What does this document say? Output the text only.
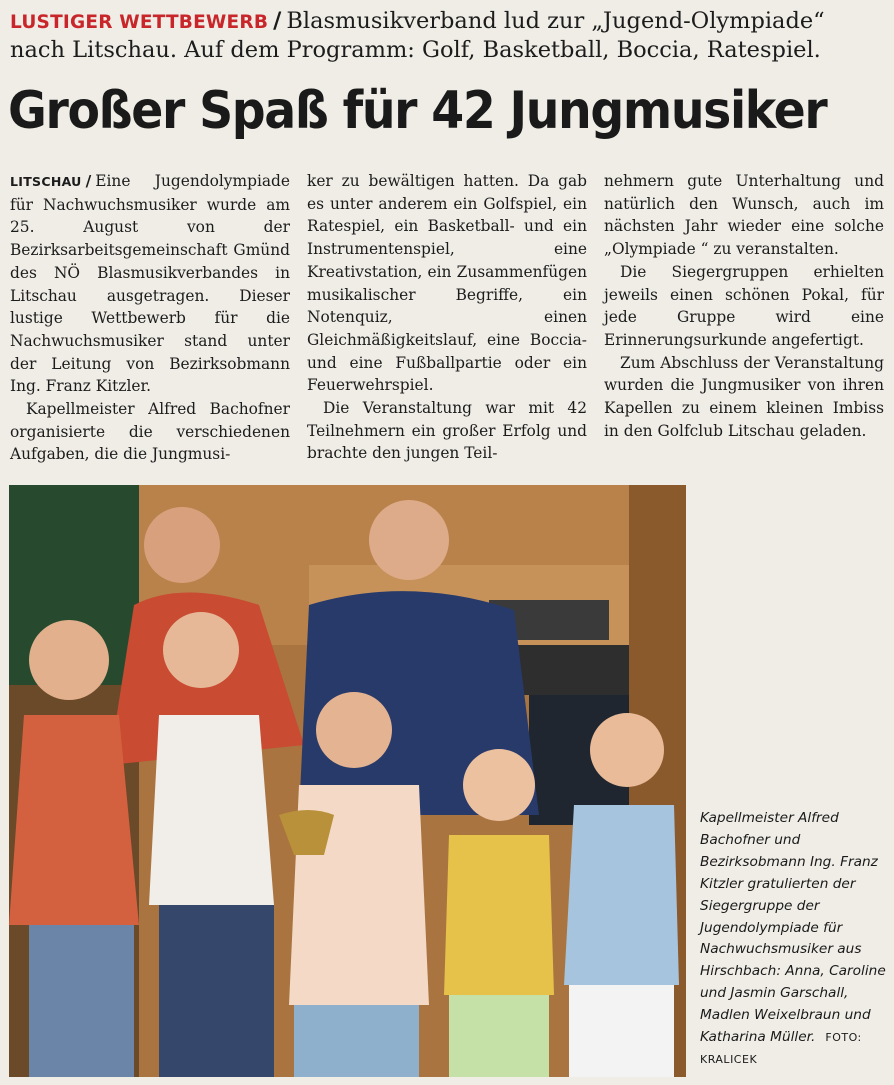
LUSTIGER WETTBEWERB / Blasmusikverband lud zur „Jugend-Olympiade“
nach Litschau. Auf dem Programm: Golf, Basketball, Boccia, Ratespiel.
Großer Spaß für 42 Jungmusiker

LITSCHAU / Eine Jugendolympiade für Nachwuchsmusiker wurde am 25. August von der Bezirksarbeitsgemeinschaft Gmünd des NÖ Blasmusikverbandes in Litschau ausgetragen. Dieser lustige Wettbewerb für die Nachwuchsmusiker stand unter der Leitung von Bezirksobmann Ing. Franz Kitzler.

Kapellmeister Alfred Bachofner organisierte die verschiedenen Aufgaben, die die Jungmusi-

ker zu bewältigen hatten. Da gab es unter anderem ein Golfspiel, ein Ratespiel, ein Basketball- und ein Instrumentenspiel, eine Kreativstation, ein Zusammenfügen musikalischer Begriffe, ein Notenquiz, einen Gleichmäßigkeitslauf, eine Boccia- und eine Fußballpartie oder ein Feuerwehrspiel.

Die Veranstaltung war mit 42 Teilnehmern ein großer Erfolg und brachte den jungen Teil-

nehmern gute Unterhaltung und natürlich den Wunsch, auch im nächsten Jahr wieder eine solche „Olympiade “ zu veranstalten.

Die Siegergruppen erhielten jeweils einen schönen Pokal, für jede Gruppe wird eine Erinnerungsurkunde angefertigt.

Zum Abschluss der Veranstaltung wurden die Jungmusiker von ihren Kapellen zu einem kleinen Imbiss in den Golfclub Litschau geladen.

Kapellmeister Alfred Bachofner und Bezirksobmann Ing. Franz Kitzler gratulierten der Siegergruppe der Jugendolympiade für Nachwuchsmusiker aus Hirschbach: Anna, Caroline und Jasmin Garschall, Madlen Weixelbraun und Katharina Müller. FOTO: KRALICEK
